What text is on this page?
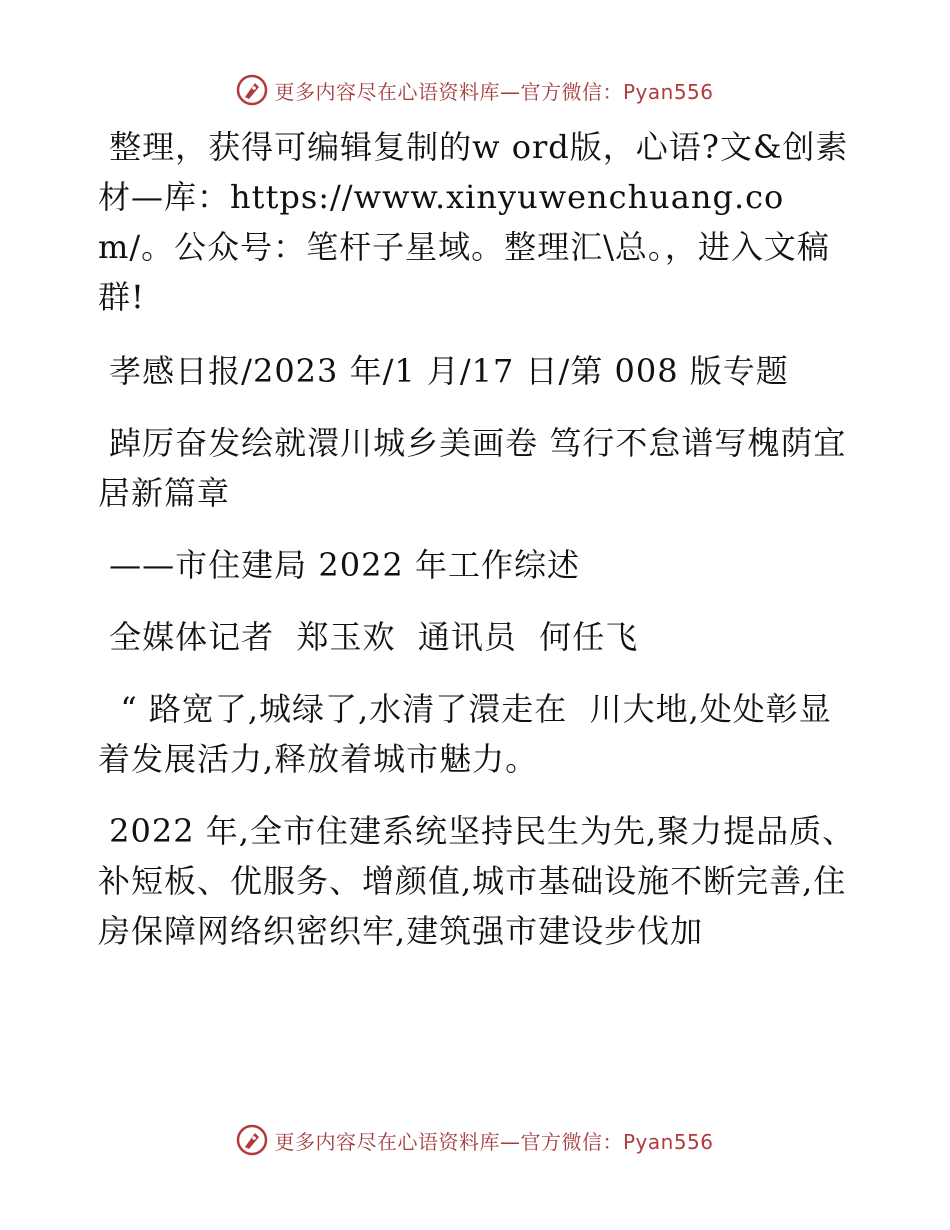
更多内容尽在心语资料库—官方微信：Pyan556

整理，获得可编辑复制的w ord版，心语?文&创素材—库：https://www.xinyuwenchuang.com/。公众号：笔杆子星域。整理汇\总。，进入文稿群!

孝感日报/2023 年/1 月/17 日/第 008 版专题

踔厉奋发绘就澴川城乡美画卷 笃行不怠谱写槐荫宜居新篇章

——市住建局 2022 年工作综述

全媒体记者  郑玉欢  通讯员  何任飞

“ 路宽了,城绿了,水清了澴走在  川大地,处处彰显着发展活力,释放着城市魅力。

2022 年,全市住建系统坚持民生为先,聚力提品质、补短板、优服务、增颜值,城市基础设施不断完善,住房保障网络织密织牢,建筑强市建设步伐加

更多内容尽在心语资料库—官方微信：Pyan556
